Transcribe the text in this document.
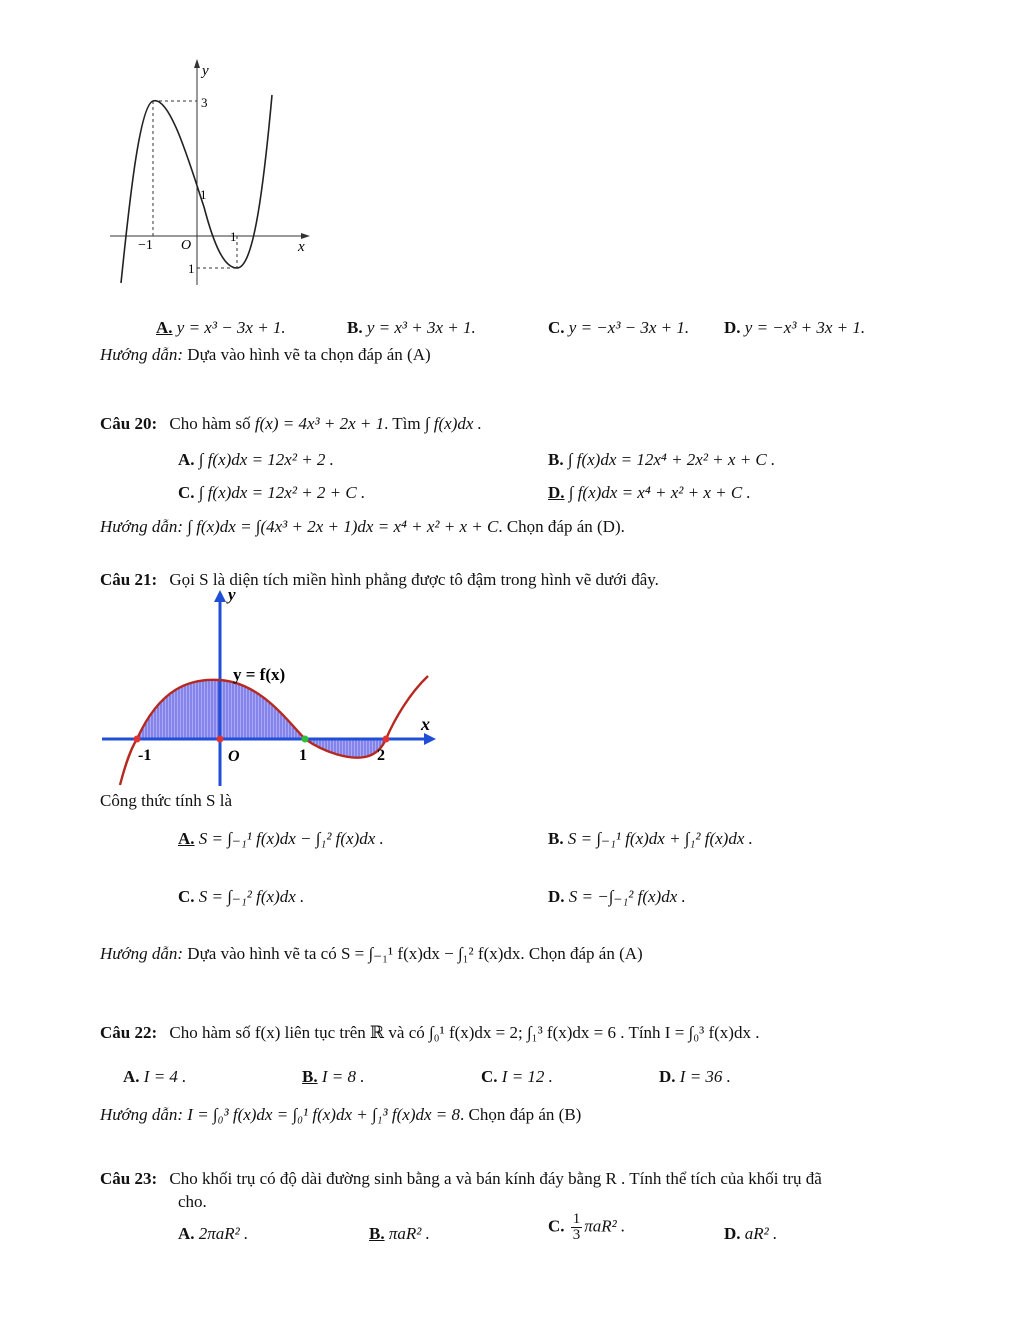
y
x
O
−1
1
3
1
1
A. y = x³ − 3x + 1.	B. y = x³ + 3x + 1.	C. y = −x³ − 3x + 1. D. y = −x³ + 3x + 1.
Hướng dẫn: Dựa vào hình vẽ ta chọn đáp án (A)
Câu 20: Cho hàm số f(x) = 4x³ + 2x + 1. Tìm ∫ f(x)dx .
A. ∫ f(x)dx = 12x² + 2 .	B. ∫ f(x)dx = 12x⁴ + 2x² + x + C .
C. ∫ f(x)dx = 12x² + 2 + C .	D. ∫ f(x)dx = x⁴ + x² + x + C .
Hướng dẫn: ∫ f(x)dx = ∫(4x³ + 2x + 1)dx = x⁴ + x² + x + C. Chọn đáp án (D).
Câu 21: Gọi S là diện tích miền hình phẳng được tô đậm trong hình vẽ dưới đây.
y
x
y = f(x)
-1	O	1	2
Công thức tính S là
A. S = ∫₋₁¹ f(x)dx − ∫₁² f(x)dx .	B. S = ∫₋₁¹ f(x)dx + ∫₁² f(x)dx .
C. S = ∫₋₁² f(x)dx .	D. S = −∫₋₁² f(x)dx .
Hướng dẫn: Dựa vào hình vẽ ta có S = ∫₋₁¹ f(x)dx − ∫₁² f(x)dx. Chọn đáp án (A)
Câu 22: Cho hàm số f(x) liên tục trên ℝ và có ∫₀¹ f(x)dx = 2; ∫₁³ f(x)dx = 6 . Tính I = ∫₀³ f(x)dx .
A. I = 4 .	B. I = 8 .	C. I = 12 .	D. I = 36 .
Hướng dẫn: I = ∫₀³ f(x)dx = ∫₀¹ f(x)dx + ∫₁³ f(x)dx = 8. Chọn đáp án (B)
Câu 23: Cho khối trụ có độ dài đường sinh bằng a và bán kính đáy bằng R . Tính thể tích của khối trụ đã
cho.
A. 2πaR² .	B. πaR² .	C. $\frac{1}{3} \pi aR^2$ .	D. aR² .
